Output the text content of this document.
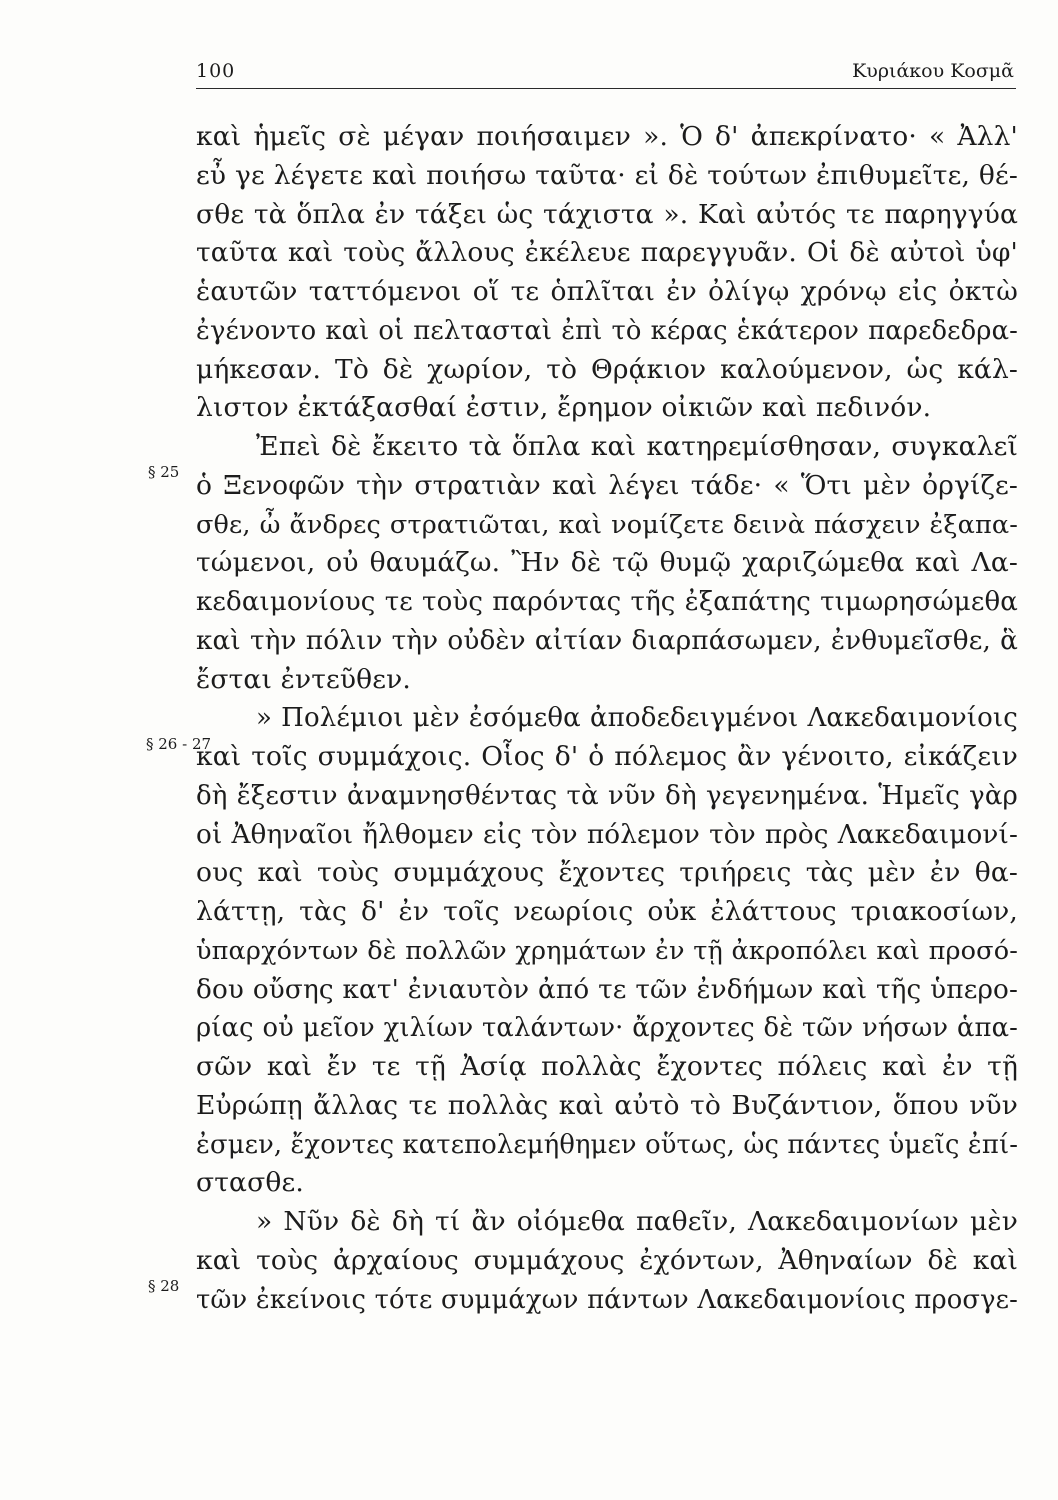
100	Κυριάκου Κοσμᾶ
§ 25
§ 26 - 27
§ 28
καὶ ἡμεῖς σὲ μέγαν ποιήσαιμεν ». Ὁ δ' ἀπεκρίνατο· « Ἀλλ'
εὖ γε λέγετε καὶ ποιήσω ταῦτα· εἰ δὲ τούτων ἐπιθυμεῖτε, θέ-
σθε τὰ ὅπλα ἐν τάξει ὡς τάχιστα ». Καὶ αὐτός τε παρηγγύα
ταῦτα καὶ τοὺς ἄλλους ἐκέλευε παρεγγυᾶν. Οἱ δὲ αὐτοὶ ὑφ'
ἑαυτῶν ταττόμενοι οἵ τε ὁπλῖται ἐν ὀλίγῳ χρόνῳ εἰς ὀκτὼ
ἐγένοντο καὶ οἱ πελτασταὶ ἐπὶ τὸ κέρας ἑκάτερον παρεδεδρα-
μήκεσαν. Τὸ δὲ χωρίον, τὸ Θρᾴκιον καλούμενον, ὡς κάλ-
λιστον ἐκτάξασθαί ἐστιν, ἔρημον οἰκιῶν καὶ πεδινόν.
Ἐπεὶ δὲ ἔκειτο τὰ ὅπλα καὶ κατηρεμίσθησαν, συγκαλεῖ
ὁ Ξενοφῶν τὴν στρατιὰν καὶ λέγει τάδε· « Ὅτι μὲν ὀργίζε-
σθε, ὦ ἄνδρες στρατιῶται, καὶ νομίζετε δεινὰ πάσχειν ἐξαπα-
τώμενοι, οὐ θαυμάζω. Ἢν δὲ τῷ θυμῷ χαριζώμεθα καὶ Λα-
κεδαιμονίους τε τοὺς παρόντας τῆς ἐξαπάτης τιμωρησώμεθα
καὶ τὴν πόλιν τὴν οὐδὲν αἰτίαν διαρπάσωμεν, ἐνθυμεῖσθε, ἃ
ἔσται ἐντεῦθεν.
» Πολέμιοι μὲν ἐσόμεθα ἀποδεδειγμένοι Λακεδαιμονίοις
καὶ τοῖς συμμάχοις. Οἷος δ' ὁ πόλεμος ἂν γένοιτο, εἰκάζειν
δὴ ἔξεστιν ἀναμνησθέντας τὰ νῦν δὴ γεγενημένα. Ἡμεῖς γὰρ
οἱ Ἀθηναῖοι ἤλθομεν εἰς τὸν πόλεμον τὸν πρὸς Λακεδαιμονί-
ους καὶ τοὺς συμμάχους ἔχοντες τριήρεις τὰς μὲν ἐν θα-
λάττῃ, τὰς δ' ἐν τοῖς νεωρίοις οὐκ ἐλάττους τριακοσίων,
ὑπαρχόντων δὲ πολλῶν χρημάτων ἐν τῇ ἀκροπόλει καὶ προσό-
δου οὔσης κατ' ἐνιαυτὸν ἀπό τε τῶν ἐνδήμων καὶ τῆς ὑπερο-
ρίας οὐ μεῖον χιλίων ταλάντων· ἄρχοντες δὲ τῶν νήσων ἁπα-
σῶν καὶ ἔν τε τῇ Ἀσίᾳ πολλὰς ἔχοντες πόλεις καὶ ἐν τῇ
Εὐρώπῃ ἄλλας τε πολλὰς καὶ αὐτὸ τὸ Βυζάντιον, ὅπου νῦν
ἐσμεν, ἔχοντες κατεπολεμήθημεν οὕτως, ὡς πάντες ὑμεῖς ἐπί-
στασθε.
» Νῦν δὲ δὴ τί ἂν οἰόμεθα παθεῖν, Λακεδαιμονίων μὲν
καὶ τοὺς ἀρχαίους συμμάχους ἐχόντων, Ἀθηναίων δὲ καὶ
τῶν ἐκείνοις τότε συμμάχων πάντων Λακεδαιμονίοις προσγε-
